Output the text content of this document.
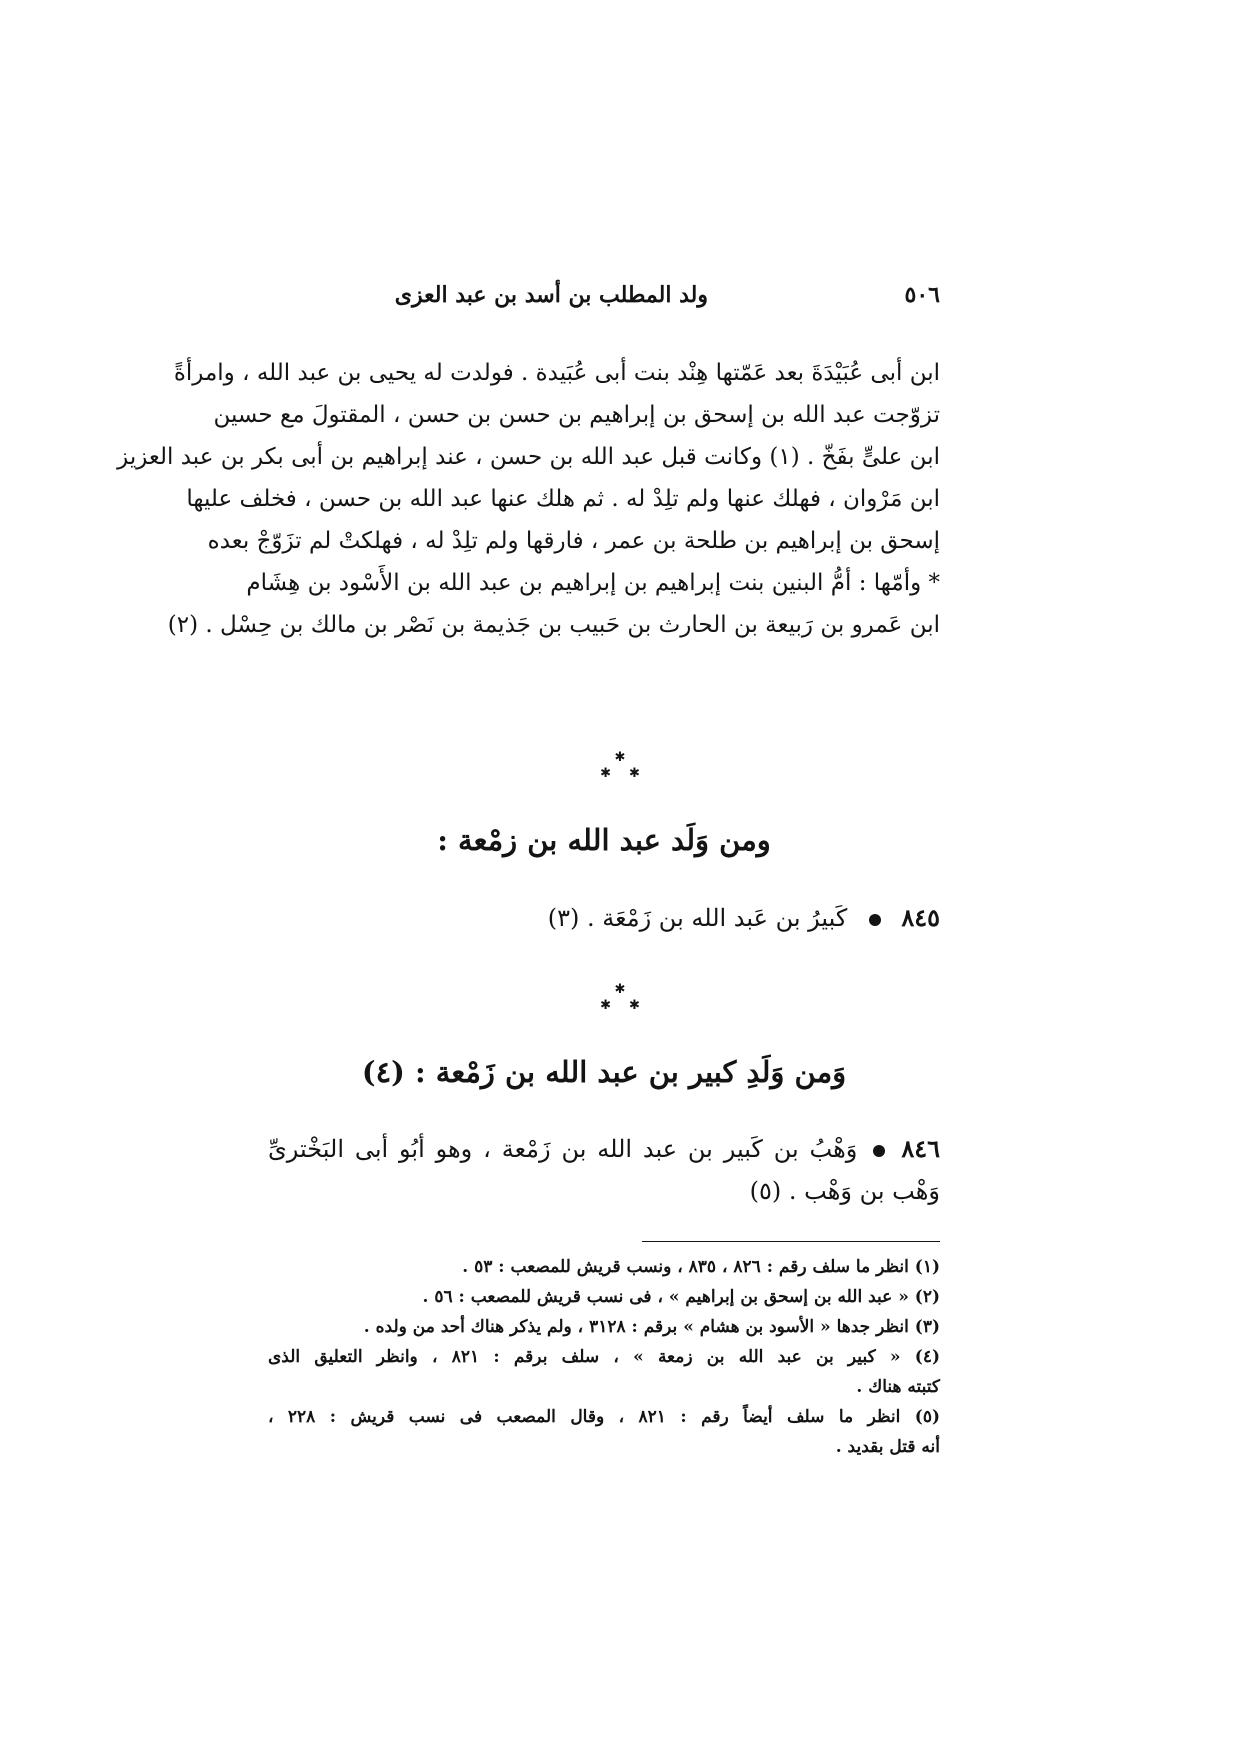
٥٠٦
ولد المطلب بن أسد بن عبد العزى
ابن أبى عُبَيْدَةَ بعد عَمّتها هِنْد بنت أبى عُبَيدة . فولدت له يحيى بن عبد الله ، وامرأةً
تزوّجت عبد الله بن إسحق بن إبراهيم بن حسن بن حسن ، المقتولَ مع حسين
ابن علىٍّ بفَخّ . (١) وكانت قبل عبد الله بن حسن ، عند إبراهيم بن أبى بكر بن عبد العزيز
ابن مَرْوان ، فهلك عنها ولم تلِدْ له . ثم هلك عنها عبد الله بن حسن ، فخلف عليها
إسحق بن إبراهيم بن طلحة بن عمر ، فارقها ولم تلِدْ له ، فهلكتْ لم تزَوّجْ بعده
* وأمّها : أمُّ البنين بنت إبراهيم بن إبراهيم بن عبد الله بن الأَسْود بن هِشَام
ابن عَمرو بن رَبيعة بن الحارث بن حَبيب بن جَذيمة بن نَصْر بن مالك بن حِسْل . (٢)
✱
✱ ✱
ومن وَلَد عبد الله بن زمْعة :
٨٤٥كَبيرُ بن عَبد الله بن زَمْعَة . (٣)
✱
✱ ✱
وَمن وَلَدِ كبير بن عبد الله بن زَمْعة : (٤)
٨٤٦وَهْبُ بن كَبير بن عبد الله بن زَمْعة ، وهو أبُو أبى البَخْترىِّ
وَهْب بن وَهْب . (٥)
(١) انظر ما سلف رقم : ٨٢٦ ، ٨٣٥ ، ونسب قريش للمصعب : ٥٣ .
(٢) « عبد الله بن إسحق بن إبراهيم » ، فى نسب قريش للمصعب : ٥٦ .
(٣) انظر جدها « الأسود بن هشام » برقم : ٣١٢٨ ، ولم يذكر هناك أحد من ولده .
(٤) « كبير بن عبد الله بن زمعة » ، سلف برقم : ٨٢١ ، وانظر التعليق الذى
كتبته هناك .
(٥) انظر ما سلف أيضاً رقم : ٨٢١ ، وقال المصعب فى نسب قريش : ٢٢٨ ،
أنه قتل بقديد .
